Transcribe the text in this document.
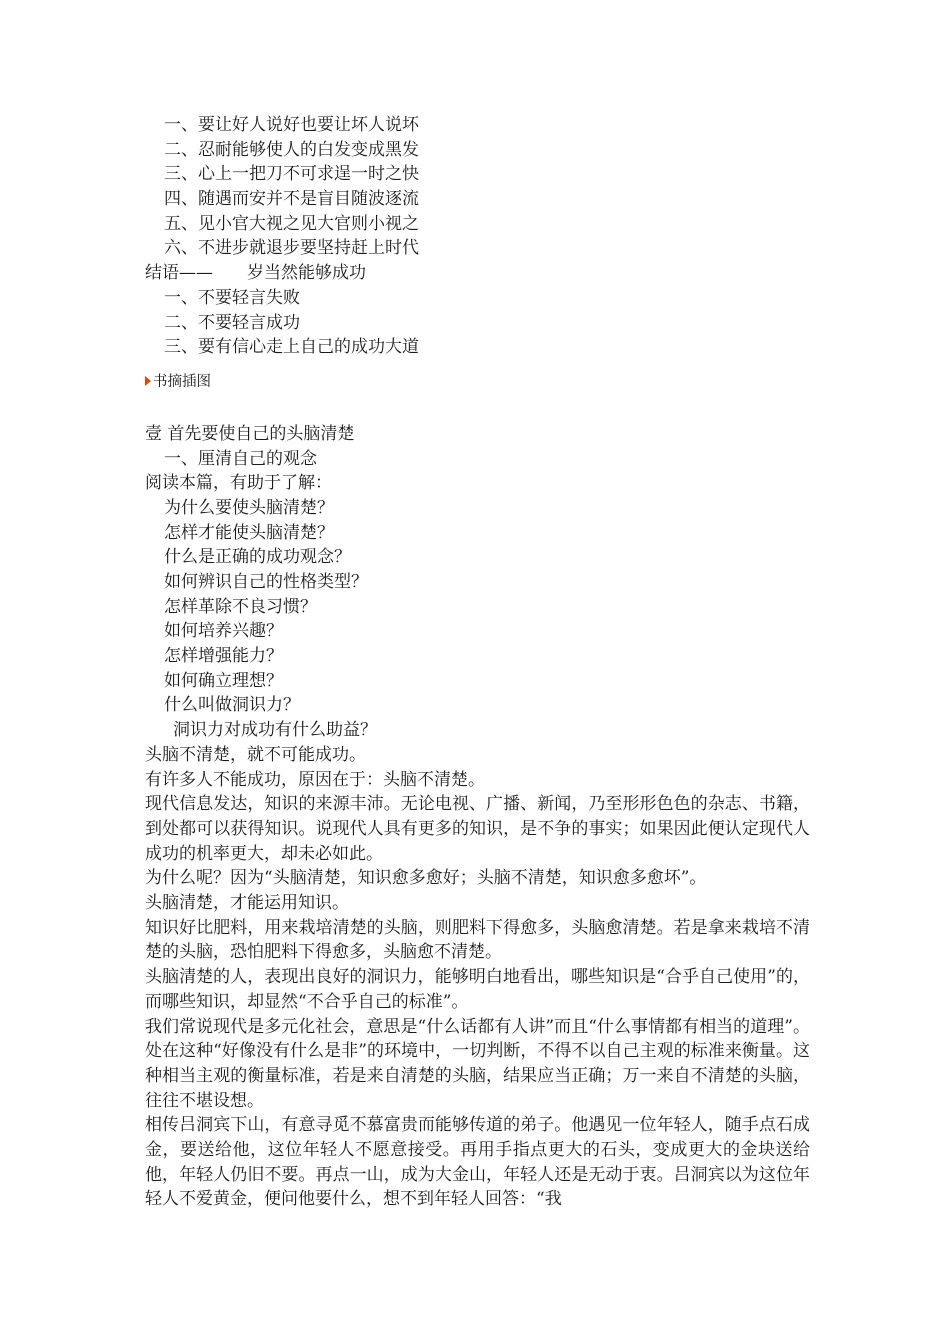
一、要让好人说好也要让坏人说坏
二、忍耐能够使人的白发变成黑发
三、心上一把刀不可求逞一时之快
四、随遇而安并不是盲目随波逐流
五、见小官大视之见大官则小视之
六、不进步就退步要坚持赶上时代
结语——　　岁当然能够成功
一、不要轻言失败
二、不要轻言成功
三、要有信心走上自己的成功大道
书摘插图
壹 首先要使自己的头脑清楚
一、厘清自己的观念
阅读本篇，有助于了解：
为什么要使头脑清楚？
怎样才能使头脑清楚？
什么是正确的成功观念？
如何辨识自己的性格类型？
怎样革除不良习惯？
如何培养兴趣？
怎样增强能力？
如何确立理想？
什么叫做洞识力？
洞识力对成功有什么助益？
头脑不清楚，就不可能成功。
有许多人不能成功，原因在于：头脑不清楚。
现代信息发达，知识的来源丰沛。无论电视、广播、新闻，乃至形形色色的杂志、书籍，到处都可以获得知识。说现代人具有更多的知识，是不争的事实；如果因此便认定现代人成功的机率更大，却未必如此。
为什么呢？因为“头脑清楚，知识愈多愈好；头脑不清楚，知识愈多愈坏”。
头脑清楚，才能运用知识。
知识好比肥料，用来栽培清楚的头脑，则肥料下得愈多，头脑愈清楚。若是拿来栽培不清楚的头脑，恐怕肥料下得愈多，头脑愈不清楚。
头脑清楚的人，表现出良好的洞识力，能够明白地看出，哪些知识是“合乎自己使用”的，而哪些知识，却显然“不合乎自己的标准”。
我们常说现代是多元化社会，意思是“什么话都有人讲”而且“什么事情都有相当的道理”。处在这种“好像没有什么是非”的环境中，一切判断，不得不以自己主观的标准来衡量。这种相当主观的衡量标准，若是来自清楚的头脑，结果应当正确；万一来自不清楚的头脑，往往不堪设想。
相传吕洞宾下山，有意寻觅不慕富贵而能够传道的弟子。他遇见一位年轻人，随手点石成金，要送给他，这位年轻人不愿意接受。再用手指点更大的石头，变成更大的金块送给他，年轻人仍旧不要。再点一山，成为大金山，年轻人还是无动于衷。吕洞宾以为这位年轻人不爱黄金，便问他要什么，想不到年轻人回答：“我
